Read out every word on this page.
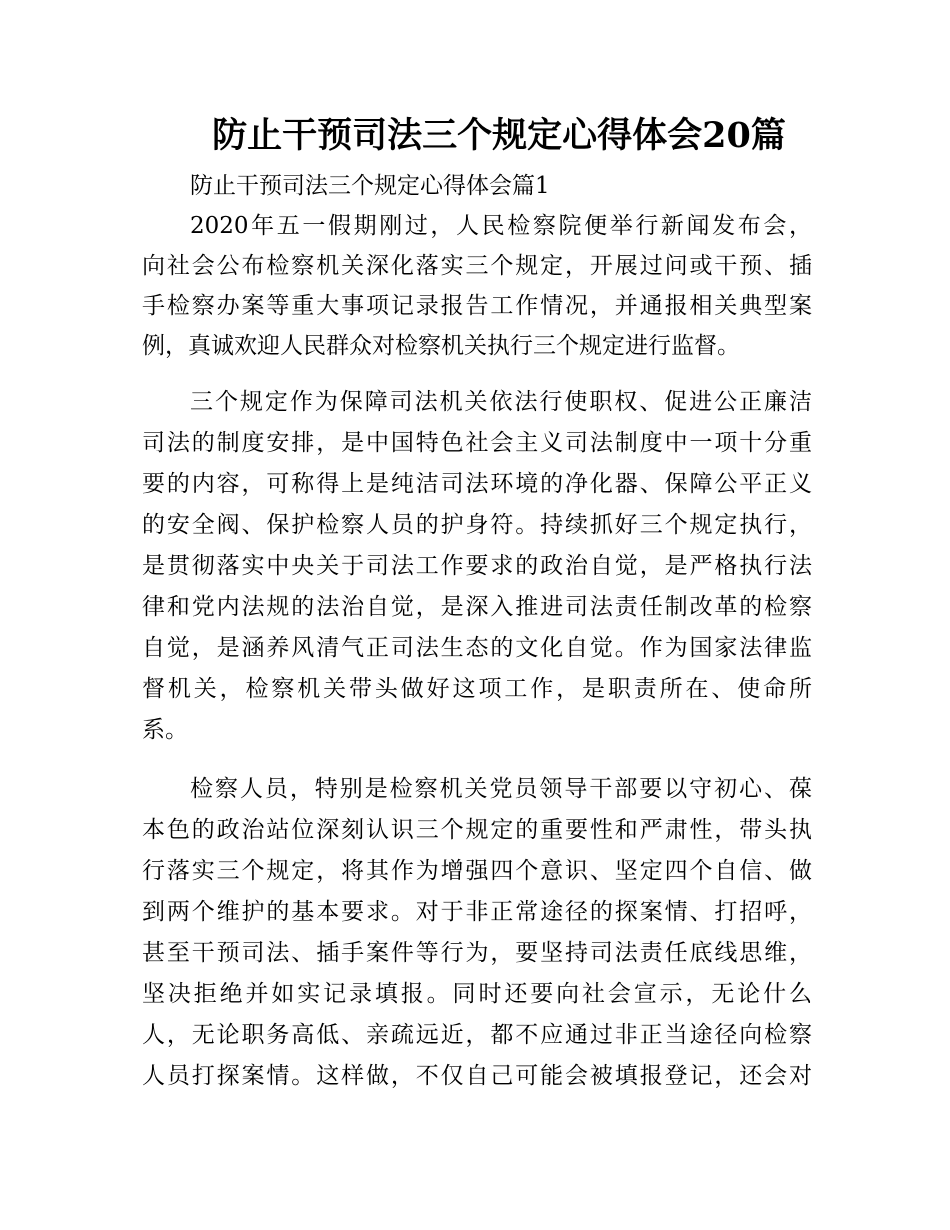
防止干预司法三个规定心得体会20篇
防止干预司法三个规定心得体会篇1
2020年五一假期刚过，人民检察院便举行新闻发布会，
向社会公布检察机关深化落实三个规定，开展过问或干预、插
手检察办案等重大事项记录报告工作情况，并通报相关典型案
例，真诚欢迎人民群众对检察机关执行三个规定进行监督。
三个规定作为保障司法机关依法行使职权、促进公正廉洁
司法的制度安排，是中国特色社会主义司法制度中一项十分重
要的内容，可称得上是纯洁司法环境的净化器、保障公平正义
的安全阀、保护检察人员的护身符。持续抓好三个规定执行，
是贯彻落实中央关于司法工作要求的政治自觉，是严格执行法
律和党内法规的法治自觉，是深入推进司法责任制改革的检察
自觉，是涵养风清气正司法生态的文化自觉。作为国家法律监
督机关，检察机关带头做好这项工作，是职责所在、使命所
系。
检察人员，特别是检察机关党员领导干部要以守初心、葆
本色的政治站位深刻认识三个规定的重要性和严肃性，带头执
行落实三个规定，将其作为增强四个意识、坚定四个自信、做
到两个维护的基本要求。对于非正常途径的探案情、打招呼，
甚至干预司法、插手案件等行为，要坚持司法责任底线思维，
坚决拒绝并如实记录填报。同时还要向社会宣示，无论什么
人，无论职务高低、亲疏远近，都不应通过非正当途径向检察
人员打探案情。这样做，不仅自己可能会被填报登记，还会对
